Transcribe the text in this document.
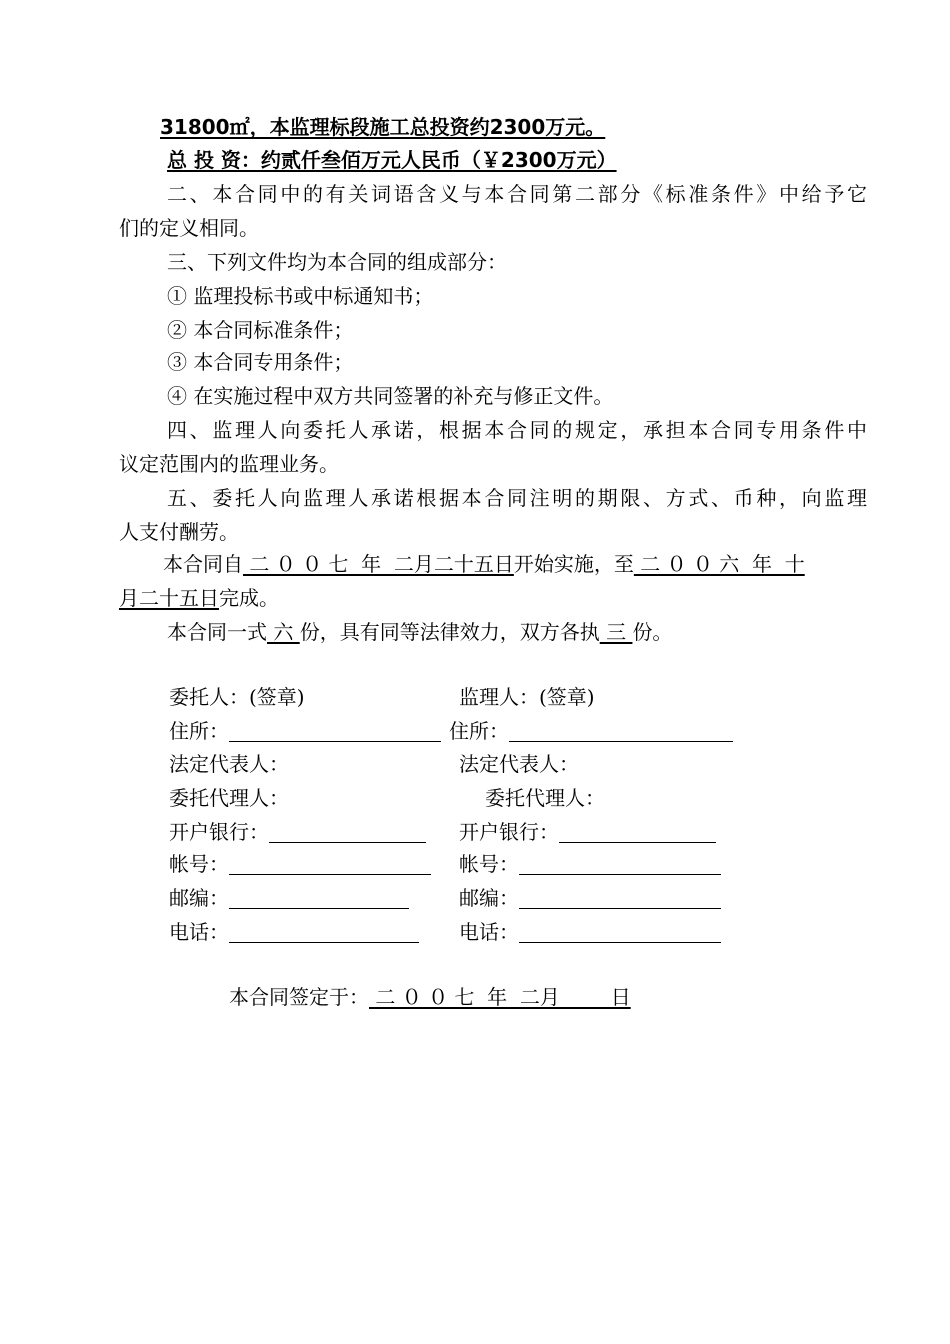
31800㎡，本监理标段施工总投资约2300万元。
总 投 资：约贰仟叁佰万元人民币（￥2300万元）
二、本合同中的有关词语含义与本合同第二部分《标准条件》中给予它
们的定义相同。
三、下列文件均为本合同的组成部分：
① 监理投标书或中标通知书；
② 本合同标准条件；
③ 本合同专用条件；
④ 在实施过程中双方共同签署的补充与修正文件。
四、监理人向委托人承诺，根据本合同的规定，承担本合同专用条件中
议定范围内的监理业务。
五、委托人向监理人承诺根据本合同注明的期限、方式、币种，向监理
人支付酬劳。
本合同自 二 ０ ０ 七  年  二月二十五日开始实施，至 二 ０ ０ 六  年  十
月二十五日完成。
本合同一式 六 份，具有同等法律效力，双方各执 三 份。
委托人：(签章)
住所：
法定代表人：
委托代理人：
开户银行：
帐号：
邮编：
电话：
监理人：(签章)
住所：
法定代表人：
委托代理人：
开户银行：
帐号：
邮编：
电话：
本合同签定于： 二 ０ ０ 七  年  二月        日
